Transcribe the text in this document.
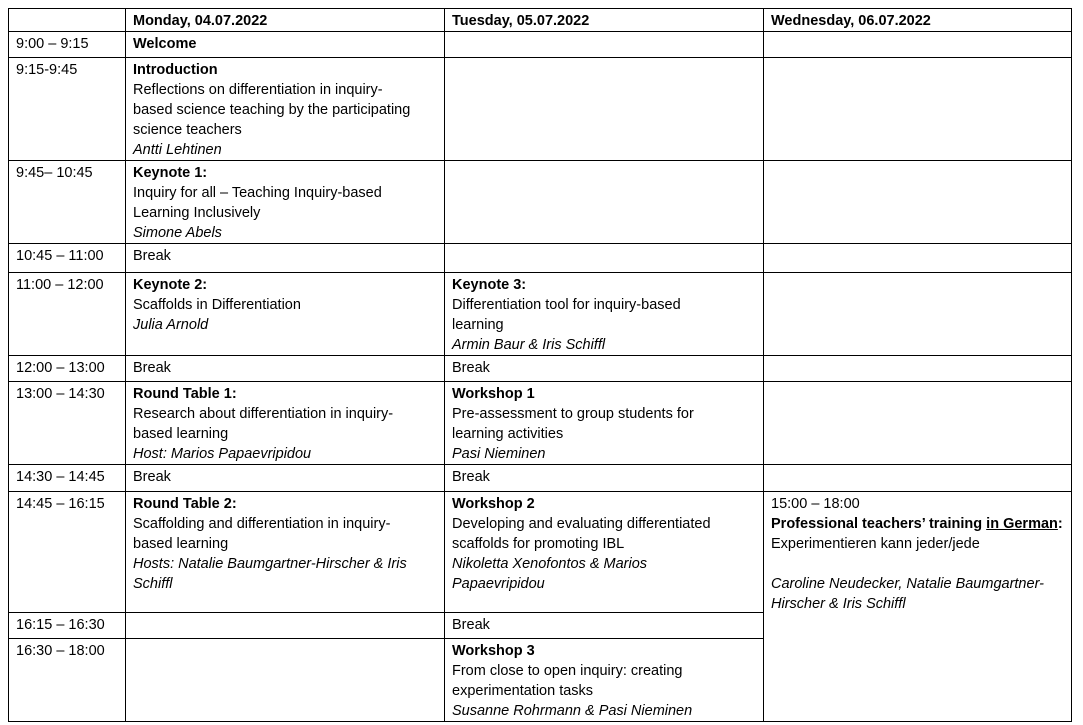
	Monday, 04.07.2022	Tuesday, 05.07.2022	Wednesday, 06.07.2022
9:00 – 9:15	Welcome		

9:15-9:45	Introduction
Reflections on differentiation in inquiry-
based science teaching by the participating
science teachers
Antti Lehtinen		

9:45– 10:45	Keynote 1:
Inquiry for all – Teaching Inquiry-based
Learning Inclusively
Simone Abels		

10:45 – 11:00	Break		
11:00 – 12:00	Keynote 2:
Scaffolds in Differentiation
Julia Arnold	Keynote 3:
Differentiation tool for inquiry-based
learning
Armin Baur & Iris Schiffl	

12:00 – 13:00	Break	Break	
13:00 – 14:30	Round Table 1:
Research about differentiation in inquiry-
based learning
Host: Marios Papaevripidou	Workshop 1
Pre-assessment to group students for
learning activities
Pasi Nieminen	

14:30 – 14:45	Break	Break	
14:45 – 16:15	Round Table 2:
Scaffolding and differentiation in inquiry-
based learning
Hosts: Natalie Baumgartner-Hirscher & Iris
Schiffl	Workshop 2
Developing and evaluating differentiated
scaffolds for promoting IBL
Nikoletta Xenofontos & Marios
Papaevripidou	15:00 – 18:00
Professional teachers’ training in German:
Experimentieren kann jeder/jede
Caroline Neudecker, Natalie Baumgartner-
Hirscher & Iris Schiffl

16:15 – 16:30		Break	
16:30 – 18:00		Workshop 3
From close to open inquiry: creating
experimentation tasks
Susanne Rohrmann & Pasi Nieminen	
